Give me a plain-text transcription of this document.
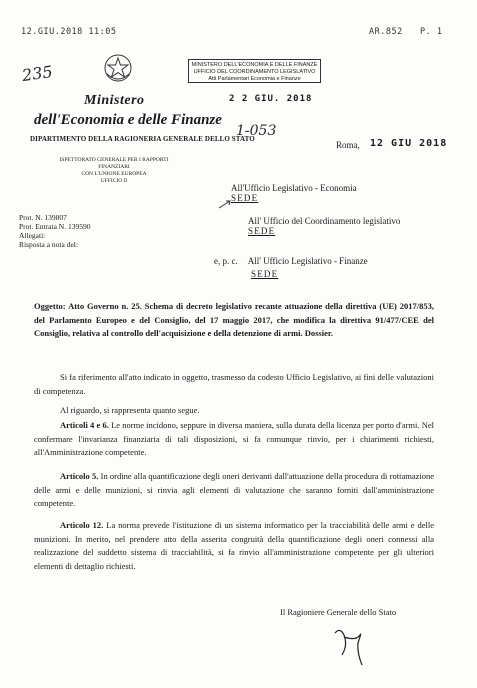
12.GIU.2018 11:05	AR.852 P. 1
235
Ministero
dell'Economia e delle Finanze
DIPARTIMENTO DELLA RAGIONERIA GENERALE DELLO STATO
ISPETTORATO GENERALE PER I RAPPORTI FINANZIARI
CON L'UNIONE EUROPEA
UFFICIO II
MINISTERO DELL'ECONOMIA E DELLE FINANZE
UFFICIO DEL COORDINAMENTO LEGISLATIVO
Atti Parlamentari Economia e Finanze
2 2 GIU. 2018
1-053
Roma, 12 GIU 2018
All'Ufficio Legislativo - Economia
SEDE
All' Ufficio del Coordinamento legislativo
SEDE
e, p. c. All' Ufficio Legislativo - Finanze
SEDE
Prot. N. 139807
Prot. Entrata N. 139590
Allegati:
Risposta a nota del:
Oggetto: Atto Governo n. 25. Schema di decreto legislativo recante attuazione della direttiva (UE) 2017/853, del Parlamento Europeo e del Consiglio, del 17 maggio 2017, che modifica la direttiva 91/477/CEE del Consiglio, relativa al controllo dell'acquisizione e della detenzione di armi. Dossier.
Si fa riferimento all'atto indicato in oggetto, trasmesso da codesto Ufficio Legislativo, ai fini delle valutazioni di competenza.
Al riguardo, si rappresenta quanto segue.
Articoli 4 e 6. Le norme incidono, seppure in diversa maniera, sulla durata della licenza per porto d'armi. Nel confermare l'invarianza finanziaria di tali disposizioni, si fa comunque rinvio, per i chiarimenti richiesti, all'Amministrazione competente.
Articolo 5. In ordine alla quantificazione degli oneri derivanti dall'attuazione della procedura di rottamazione delle armi e delle munizioni, si rinvia agli elementi di valutazione che saranno forniti dall'amministrazione competente.
Articolo 12. La norma prevede l'istituzione di un sistema informatico per la tracciabilità delle armi e delle munizioni. In merito, nel prendere atto della asserita congruità della quantificazione degli oneri connessi alla realizzazione del suddetto sistema di tracciabilità, si fa rinvio all'amministrazione competente per gli ulteriori elementi di dettaglio richiesti.
Il Ragioniere Generale dello Stato
